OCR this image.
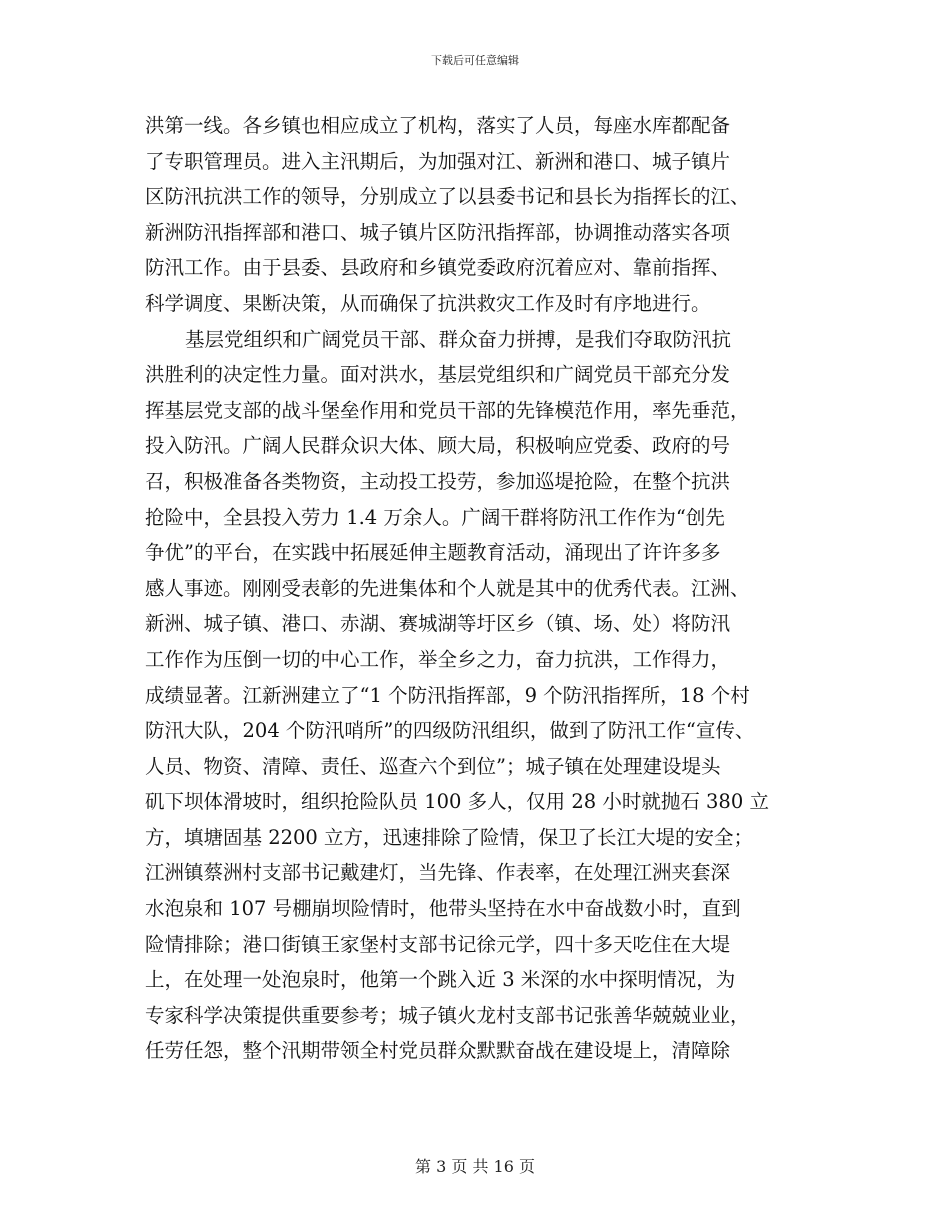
下载后可任意编辑
洪第一线。各乡镇也相应成立了机构，落实了人员，每座水库都配备
了专职管理员。进入主汛期后，为加强对江、新洲和港口、城子镇片
区防汛抗洪工作的领导，分别成立了以县委书记和县长为指挥长的江、
新洲防汛指挥部和港口、城子镇片区防汛指挥部，协调推动落实各项
防汛工作。由于县委、县政府和乡镇党委政府沉着应对、靠前指挥、
科学调度、果断决策，从而确保了抗洪救灾工作及时有序地进行。
基层党组织和广阔党员干部、群众奋力拼搏，是我们夺取防汛抗
洪胜利的决定性力量。面对洪水，基层党组织和广阔党员干部充分发
挥基层党支部的战斗堡垒作用和党员干部的先锋模范作用，率先垂范，
投入防汛。广阔人民群众识大体、顾大局，积极响应党委、政府的号
召，积极准备各类物资，主动投工投劳，参加巡堤抢险，在整个抗洪
抢险中，全县投入劳力 1.4 万余人。广阔干群将防汛工作作为“创先
争优”的平台，在实践中拓展延伸主题教育活动，涌现出了许许多多
感人事迹。刚刚受表彰的先进集体和个人就是其中的优秀代表。江洲、
新洲、城子镇、港口、赤湖、赛城湖等圩区乡（镇、场、处）将防汛
工作作为压倒一切的中心工作，举全乡之力，奋力抗洪，工作得力，
成绩显著。江新洲建立了“1 个防汛指挥部，9 个防汛指挥所，18 个村
防汛大队，204 个防汛哨所”的四级防汛组织，做到了防汛工作“宣传、
人员、物资、清障、责任、巡查六个到位”；城子镇在处理建设堤头
矶下坝体滑坡时，组织抢险队员 100 多人，仅用 28 小时就抛石 380 立
方，填塘固基 2200 立方，迅速排除了险情，保卫了长江大堤的安全；
江洲镇蔡洲村支部书记戴建灯，当先锋、作表率，在处理江洲夹套深
水泡泉和 107 号棚崩坝险情时，他带头坚持在水中奋战数小时，直到
险情排除；港口街镇王家堡村支部书记徐元学，四十多天吃住在大堤
上，在处理一处泡泉时，他第一个跳入近 3 米深的水中探明情况，为
专家科学决策提供重要参考；城子镇火龙村支部书记张善华兢兢业业，
任劳任怨，整个汛期带领全村党员群众默默奋战在建设堤上，清障除
第 3 页 共 16 页
